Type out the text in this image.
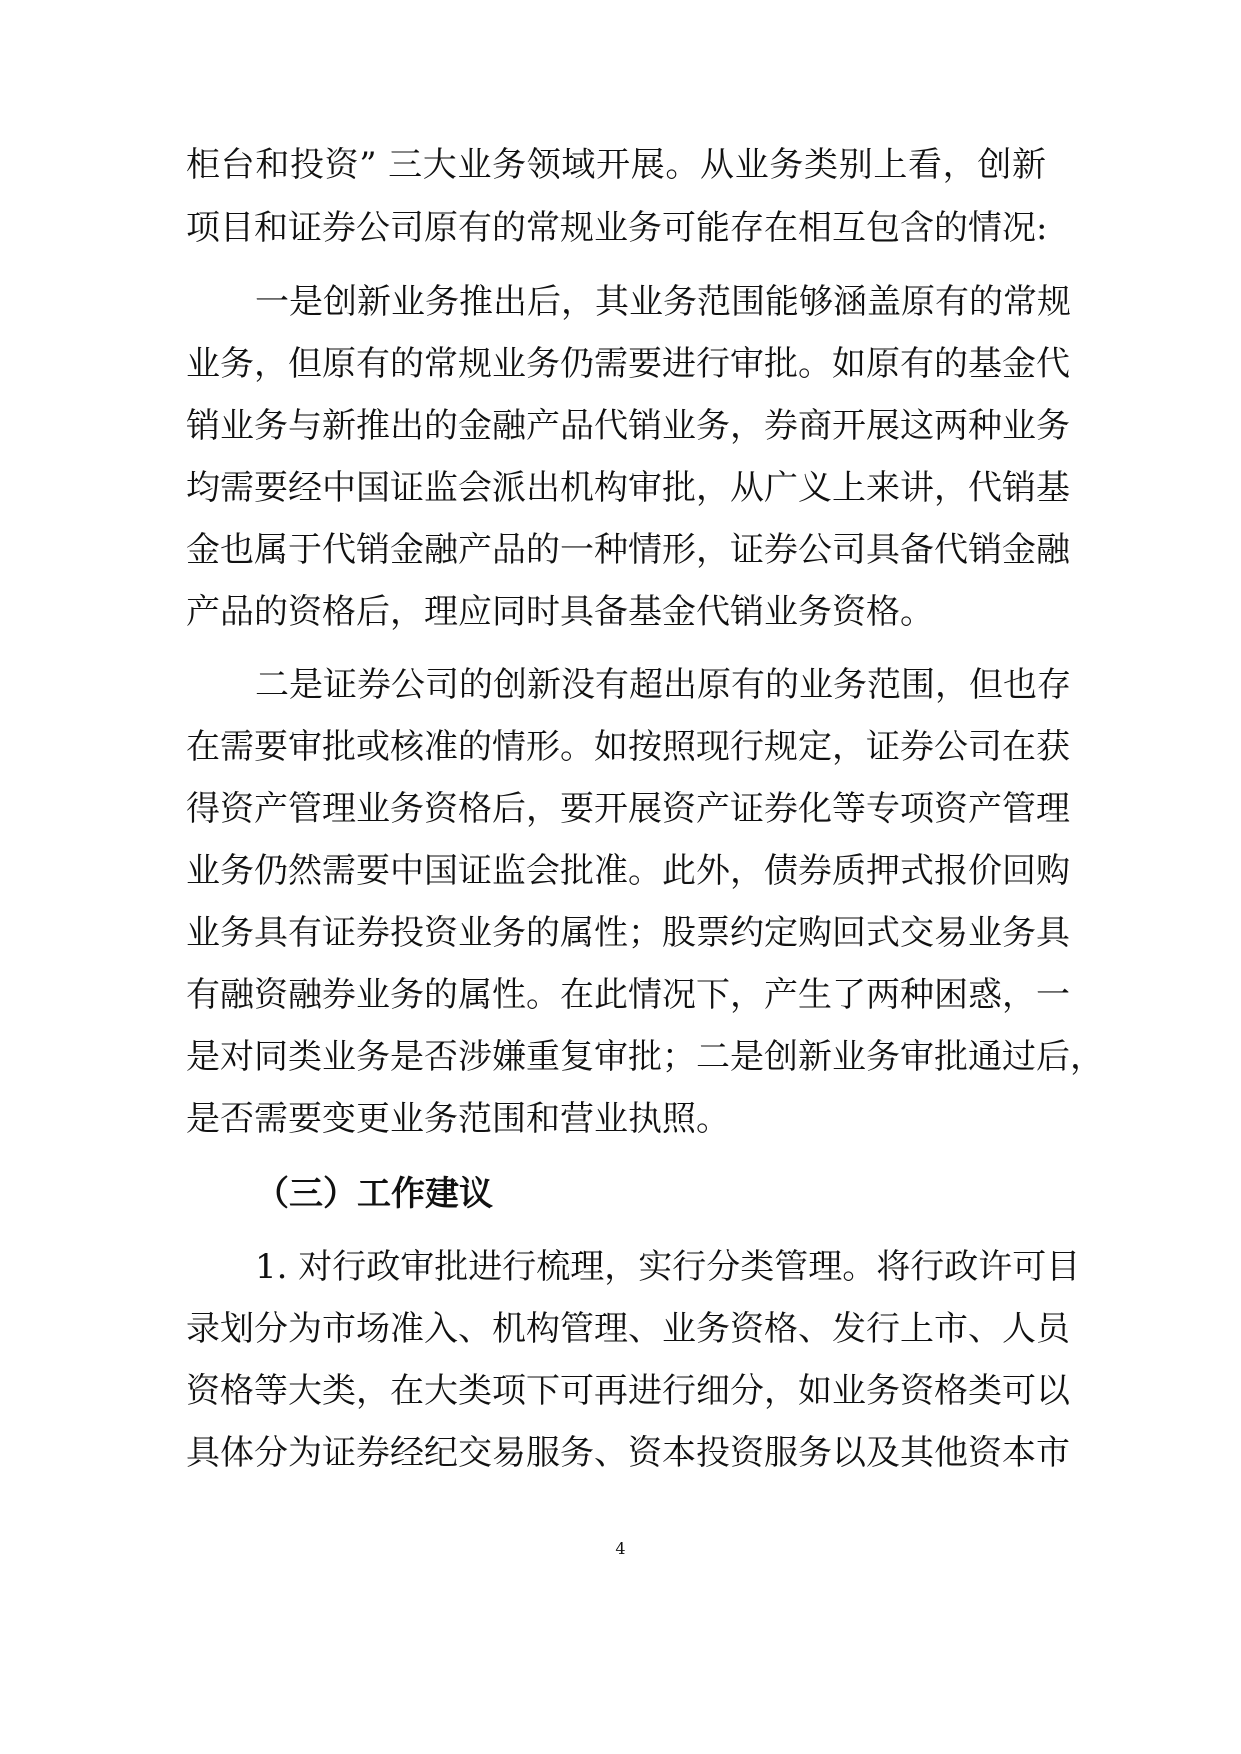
柜台和投资” 三大业务领域开展。从业务类别上看，创新
项目和证券公司原有的常规业务可能存在相互包含的情况:
一是创新业务推出后，其业务范围能够涵盖原有的常规
业务，但原有的常规业务仍需要进行审批。如原有的基金代
销业务与新推出的金融产品代销业务，券商开展这两种业务
均需要经中国证监会派出机构审批，从广义上来讲，代销基
金也属于代销金融产品的一种情形，证券公司具备代销金融
产品的资格后，理应同时具备基金代销业务资格。
二是证券公司的创新没有超出原有的业务范围，但也存
在需要审批或核准的情形。如按照现行规定，证券公司在获
得资产管理业务资格后，要开展资产证券化等专项资产管理
业务仍然需要中国证监会批准。此外，债券质押式报价回购
业务具有证券投资业务的属性；股票约定购回式交易业务具
有融资融券业务的属性。在此情况下，产生了两种困惑，一
是对同类业务是否涉嫌重复审批；二是创新业务审批通过后，
是否需要变更业务范围和营业执照。
（三）工作建议
1. 对行政审批进行梳理，实行分类管理。将行政许可目
录划分为市场准入、机构管理、业务资格、发行上市、人员
资格等大类，在大类项下可再进行细分，如业务资格类可以
具体分为证券经纪交易服务、资本投资服务以及其他资本市
4
